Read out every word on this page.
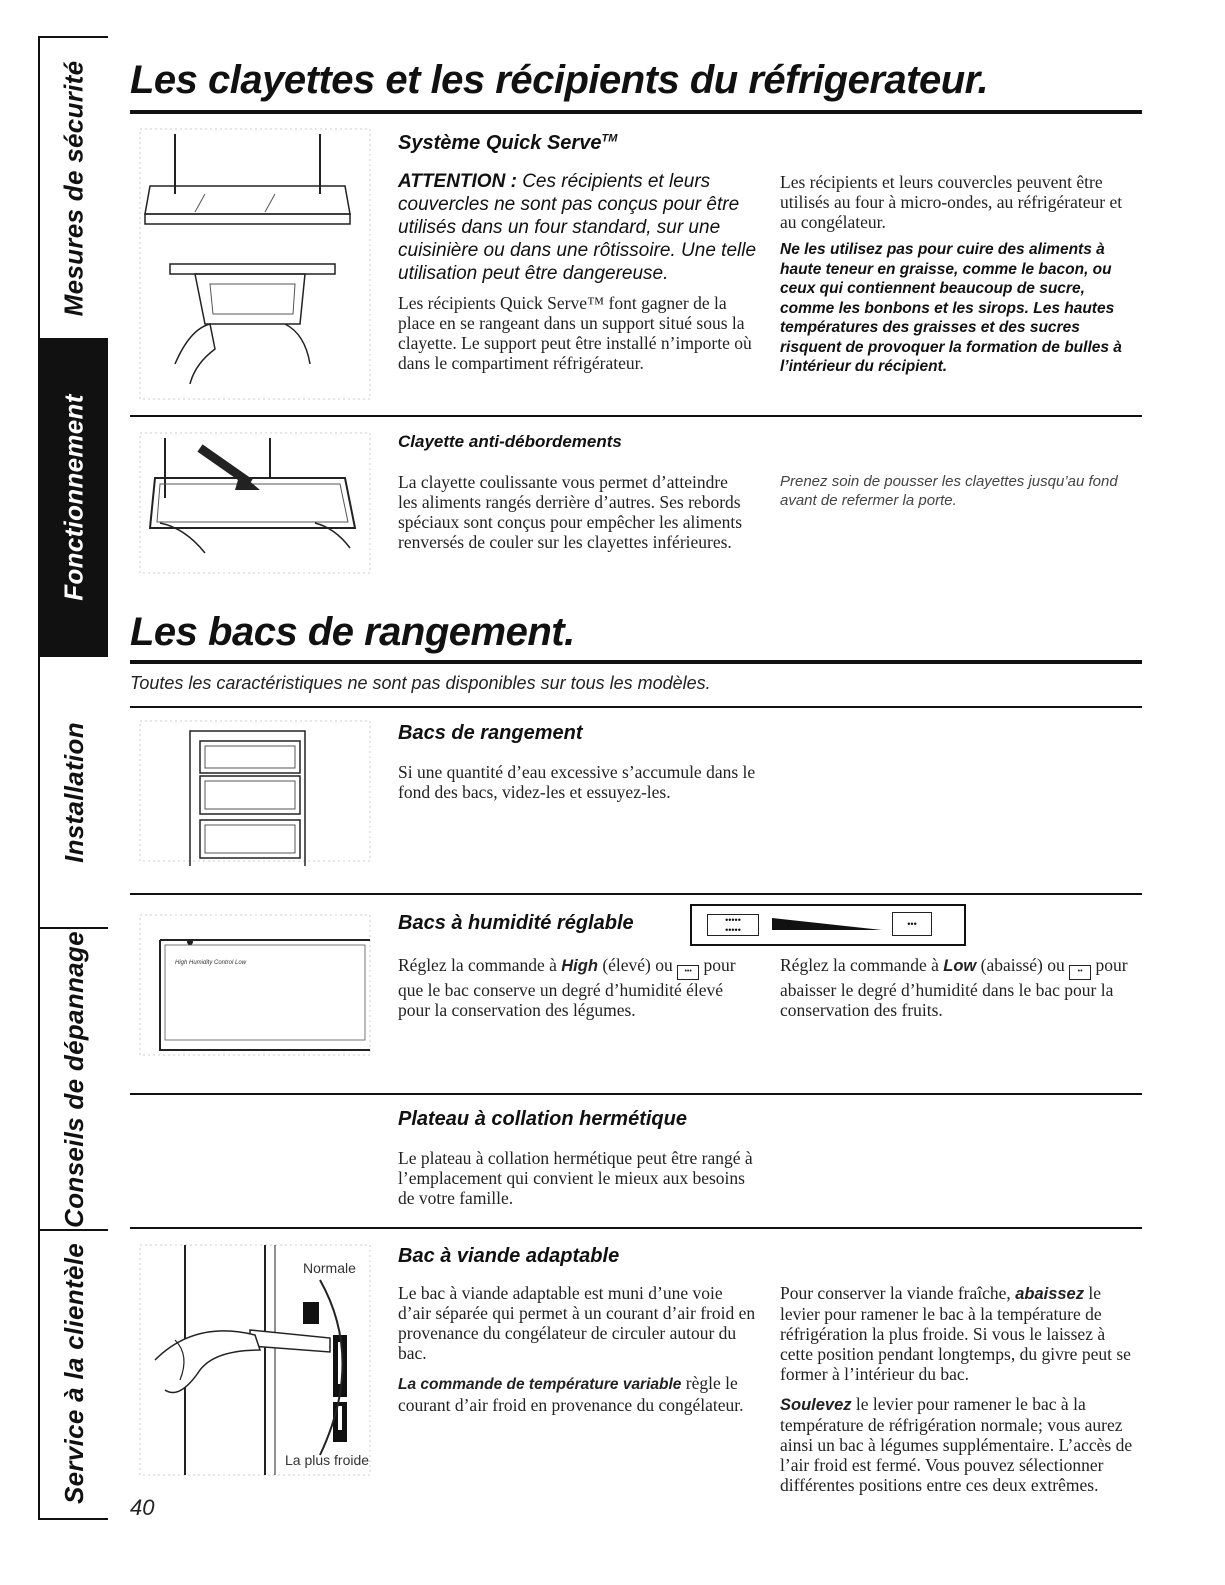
Mesures de sécurité
Fonctionnement
Installation
Conseils de dépannage
Service à la clientèle
Les clayettes et les récipients du réfrigerateur.
Système Quick Serve™
ATTENTION : Ces récipients et leurs couvercles ne sont pas conçus pour être utilisés dans un four standard, sur une cuisinière ou dans une rôtissoire. Une telle utilisation peut être dangereuse.
Les récipients Quick Serve™ font gagner de la place en se rangeant dans un support situé sous la clayette. Le support peut être installé n’importe où dans le compartiment réfrigérateur.
Les récipients et leurs couvercles peuvent être utilisés au four à micro-ondes, au réfrigérateur et au congélateur.
Ne les utilisez pas pour cuire des aliments à haute teneur en graisse, comme le bacon, ou ceux qui contiennent beaucoup de sucre, comme les bonbons et les sirops. Les hautes températures des graisses et des sucres risquent de provoquer la formation de bulles à l’intérieur du récipient.
Clayette anti-débordements
La clayette coulissante vous permet d’atteindre les aliments rangés derrière d’autres. Ses rebords spéciaux sont conçus pour empêcher les aliments renversés de couler sur les clayettes inférieures.
Prenez soin de pousser les clayettes jusqu’au fond avant de refermer la porte.
Les bacs de rangement.
Toutes les caractéristiques ne sont pas disponibles sur tous les modèles.
Bacs de rangement
Si une quantité d’eau excessive s’accumule dans le fond des bacs, videz-les et essuyez-les.
High Humidity Control Low
Bacs à humidité réglable	•••••
•••••
•••
Réglez la commande à High (élevé) ou ••• pour que le bac conserve un degré d’humidité élevé pour la conservation des légumes.
Réglez la commande à Low (abaissé) ou •• pour abaisser le degré d’humidité dans le bac pour la conservation des fruits.
Plateau à collation hermétique
Le plateau à collation hermétique peut être rangé à l’emplacement qui convient le mieux aux besoins de votre famille.
Normale
La plus froide
Bac à viande adaptable
Le bac à viande adaptable est muni d’une voie d’air séparée qui permet à un courant d’air froid en provenance du congélateur de circuler autour du bac.
La commande de température variable règle le courant d’air froid en provenance du congélateur.
Pour conserver la viande fraîche, abaissez le levier pour ramener le bac à la température de réfrigération la plus froide. Si vous le laissez à cette position pendant longtemps, du givre peut se former à l’intérieur du bac.
Soulevez le levier pour ramener le bac à la température de réfrigération normale; vous aurez ainsi un bac à légumes supplémentaire. L’accès de l’air froid est fermé. Vous pouvez sélectionner différentes positions entre ces deux extrêmes.
40
